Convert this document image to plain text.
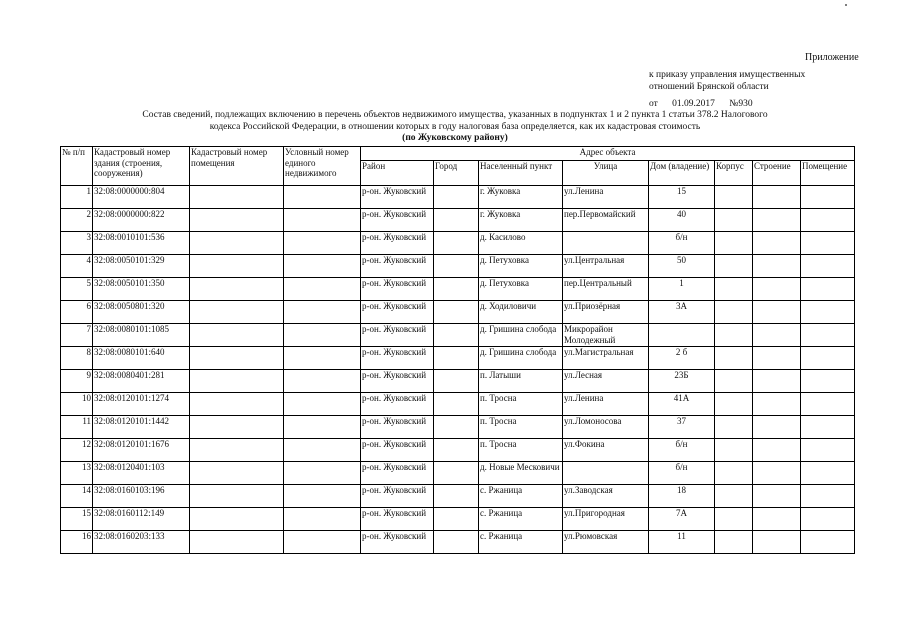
Приложение
к приказу управления имущественных
отношений Брянской области
от 01.09.2017 №930
Состав сведений, подлежащих включению в перечень объектов недвижимого имущества, указанных в подпунктах 1 и 2 пункта 1 статьи 378.2 Налогового
кодекса Российской Федерации, в отношении которых в году налоговая база определяется, как их кадастровая стоимость
(по Жуковскому району)
№ п/п	Кадастровый номер здания (строения, сооружения)	Кадастровый номер помещения	Условный номер единого недвижимого	Адрес объекта							
				Район	Город	Населенный пункт	Улица	Дом (владение)	Корпус	Строение	Помещение
1	32:08:0000000:804			р-он. Жуковский		г. Жуковка	ул.Ленина	15			
2	32:08:0000000:822			р-он. Жуковский		г. Жуковка	пер.Первомайский	40			
3	32:08:0010101:536			р-он. Жуковский		д. Касилово		б/н			
4	32:08:0050101:329			р-он. Жуковский		д. Петуховка	ул.Центральная	50			
5	32:08:0050101:350			р-он. Жуковский		д. Петуховка	пер.Центральный	1			
6	32:08:0050801:320			р-он. Жуковский		д. Ходиловичи	ул.Приозёрная	3А			
7	32:08:0080101:1085			р-он. Жуковский		д. Гришина слобода	Микрорайон Молодежный				
8	32:08:0080101:640			р-он. Жуковский		д. Гришина слобода	ул.Магистральная	2 б			
9	32:08:0080401:281			р-он. Жуковский		п. Латыши	ул.Лесная	23Б			
10	32:08:0120101:1274			р-он. Жуковский		п. Тросна	ул.Ленина	41А			
11	32:08:0120101:1442			р-он. Жуковский		п. Тросна	ул.Ломоносова	37			
12	32:08:0120101:1676			р-он. Жуковский		п. Тросна	ул.Фокина	б/н			
13	32:08:0120401:103			р-он. Жуковский		д. Новые Месковичи		б/н			
14	32:08:0160103:196			р-он. Жуковский		с. Ржаница	ул.Заводская	18			
15	32:08:0160112:149			р-он. Жуковский		с. Ржаница	ул.Пригородная	7А			
16	32:08:0160203:133			р-он. Жуковский		с. Ржаница	ул.Рюмовская	11			
